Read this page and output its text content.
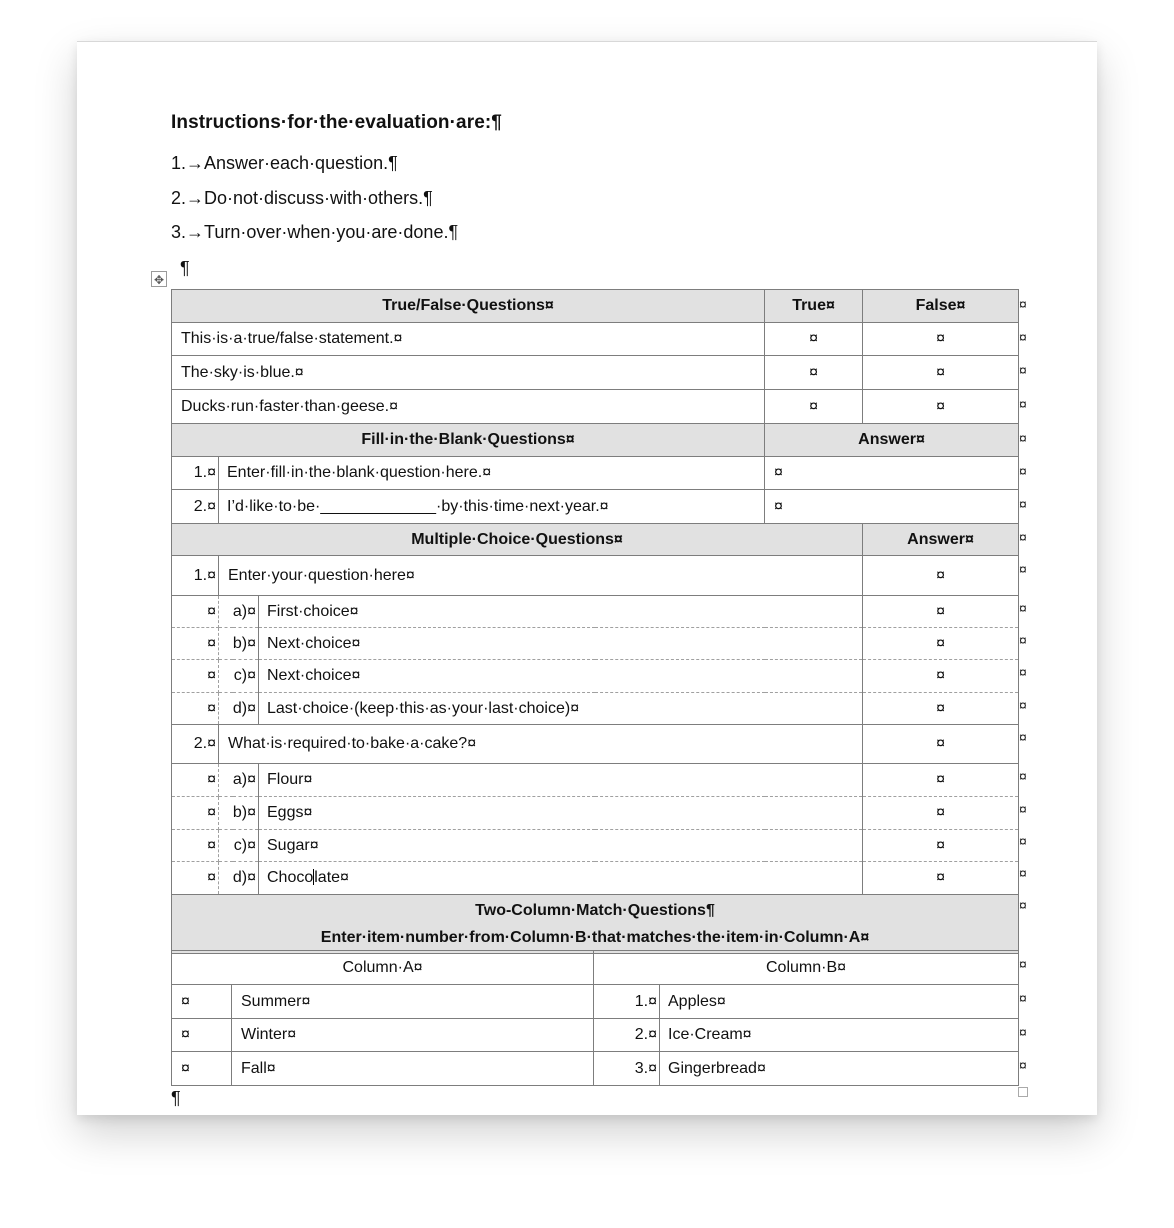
Instructions·for·the·evaluation·are:¶
1.→Answer·each·question.¶
2.→Do·not·discuss·with·others.¶
3.→Turn·over·when·you·are·done.¶
¶
✥
True/False·Questions¤			True¤	False¤
This·is·a·true/false·statement.¤			¤	¤
The·sky·is·blue.¤			¤	¤
Ducks·run·faster·than·geese.¤			¤	¤
Fill·in·the·Blank·Questions¤			Answer¤	
1.¤	Enter·fill·in·the·blank·question·here.¤		¤	
2.¤	I’d·like·to·be·_____________·by·this·time·next·year.¤		¤	
Multiple·Choice·Questions¤				Answer¤
1.¤	Enter·your·question·here¤			¤
¤	a)¤	First·choice¤		¤
¤	b)¤	Next·choice¤		¤
¤	c)¤	Next·choice¤		¤
¤	d)¤	Last·choice·(keep·this·as·your·last·choice)¤		¤
2.¤	What·is·required·to·bake·a·cake?¤			¤
¤	a)¤	Flour¤		¤
¤	b)¤	Eggs¤		¤
¤	c)¤	Sugar¤		¤
¤	d)¤	Chocolate¤		¤

Two-Column·Match·Questions¶
Enter·item·number·from·Column·B·that·matches·the·item·in·Column·A¤				
Column·A¤		Column·B¤	
¤	Summer¤	1.¤	Apples¤
¤	Winter¤	2.¤	Ice·Cream¤
¤	Fall¤	3.¤	Gingerbread¤
¤
¤
¤
¤
¤
¤
¤
¤
¤
¤
¤
¤
¤
¤
¤
¤
¤
¤
¤
¤
¤
¤
¤
¶
